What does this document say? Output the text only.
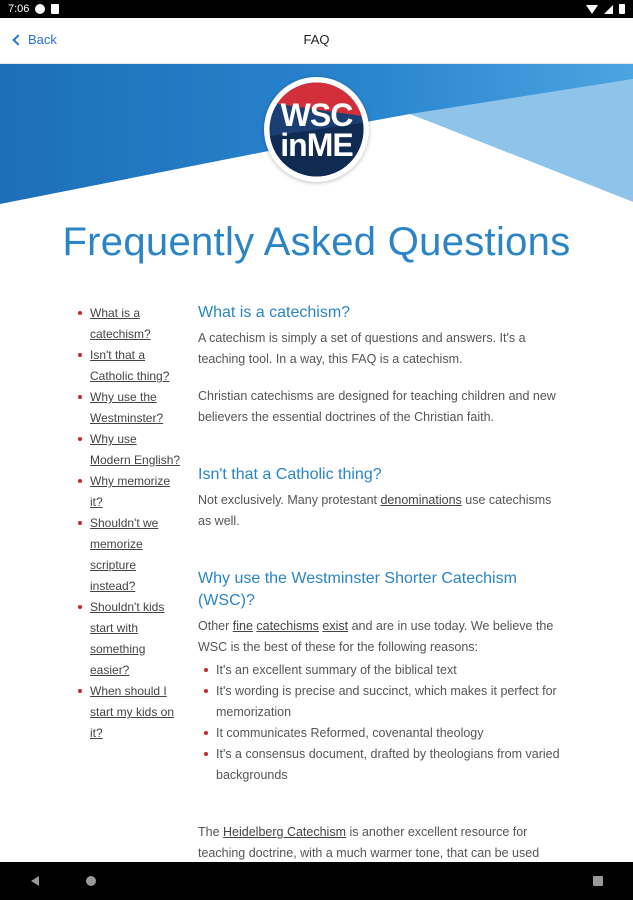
7:06
Back	FAQ
WSC
inME
Frequently Asked Questions
What is a
catechism?
Isn't that a
Catholic thing?
Why use the
Westminster?
Why use
Modern English?
Why memorize
it?
Shouldn't we
memorize
scripture
instead?
Shouldn't kids
start with
something
easier?
When should I
start my kids on
it?
What is a catechism?

A catechism is simply a set of questions and answers. It's a teaching tool. In a way, this FAQ is a catechism.

Christian catechisms are designed for teaching children and new believers the essential doctrines of the Christian faith.

Isn't that a Catholic thing?

Not exclusively. Many protestant denominations use catechisms as well.

Why use the Westminster Shorter Catechism (WSC)?

Other fine catechisms exist and are in use today. We believe the WSC is the best of these for the following reasons:

It's an excellent summary of the biblical text
It's wording is precise and succinct, which makes it perfect for memorization
It communicates Reformed, covenantal theology
It's a consensus document, drafted by theologians from varied backgrounds

The Heidelberg Catechism is another excellent resource for teaching doctrine, with a much warmer tone, that can be used
